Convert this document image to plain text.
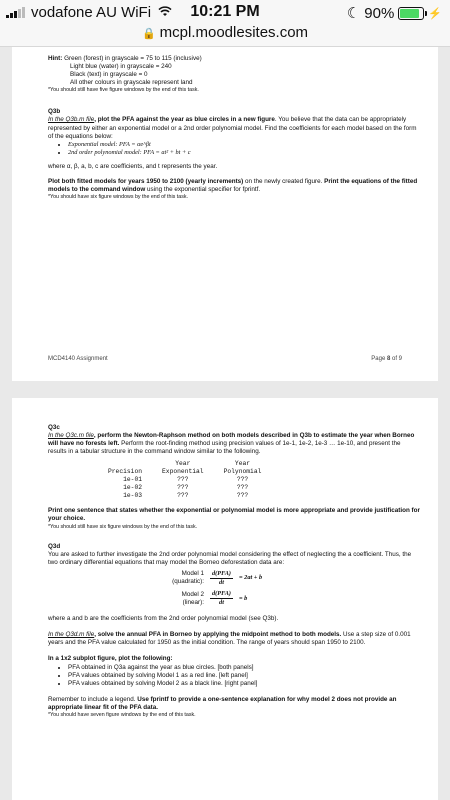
vodafone AU WiFi	10:21 PM	☾ 90%	⚡
🔒 mcpl.moodlesites.com

Hint: Green (forest) in grayscale = 75 to 115 (inclusive)

Light blue (water) in grayscale = 240

Black (text) in grayscale = 0

All other colours in grayscale represent land

*You should still have five figure windows by the end of this task.

Q3b

In the Q3b.m file, plot the PFA against the year as blue circles in a new figure. You believe that the data can be appropriately represented by either an exponential model or a 2nd order polynomial model. Find the coefficients for each model based on the form of the equations below:

• Exponential model: PFA = αe^βt
• 2nd order polynomial model: PFA = at² + bt + c

where α, β, a, b, c are coefficients, and t represents the year.

Plot both fitted models for years 1950 to 2100 (yearly increments) on the newly created figure. Print the equations of the fitted models to the command window using the exponential specifier for fprintf.

*You should have six figure windows by the end of this task.

MCD4140 Assignment	Page 8 of 9

Q3c

In the Q3c.m file, perform the Newton-Raphson method on both models described in Q3b to estimate the year when Borneo will have no forests left. Perform the root-finding method using precision values of 1e-1, 1e-2, 1e-3 … 1e-10, and present the results in a tabular structure in the command window similar to the following.

	Year	Year
Precision	Exponential	Polynomial
1e-01	???	???
1e-02	???	???
1e-03	???	???

Print one sentence that states whether the exponential or polynomial model is more appropriate and provide justification for your choice.

*You should still have six figure windows by the end of this task.

Q3d

You are asked to further investigate the 2nd order polynomial model considering the effect of neglecting the a coefficient. Thus, the two ordinary differential equations that may model the Borneo deforestation data are:

Model 1
(quadratic): $\frac{\text{d(PFA)}}{dt} = 2at + b$
Model 2
(linear): $\frac{\text{d(PFA)}}{dt} = b$

where a and b are the coefficients from the 2nd order polynomial model (see Q3b).

In the Q3d.m file, solve the annual PFA in Borneo by applying the midpoint method to both models. Use a step size of 0.001 years and the PFA value calculated for 1950 as the initial condition. The range of years should span 1950 to 2100.

In a 1x2 subplot figure, plot the following:

• PFA obtained in Q3a against the year as blue circles. [both panels]
• PFA values obtained by solving Model 1 as a red line. [left panel]
• PFA values obtained by solving Model 2 as a black line. [right panel]

Remember to include a legend. Use fprintf to provide a one-sentence explanation for why model 2 does not provide an appropriate linear fit of the PFA data.

*You should have seven figure windows by the end of this task.
